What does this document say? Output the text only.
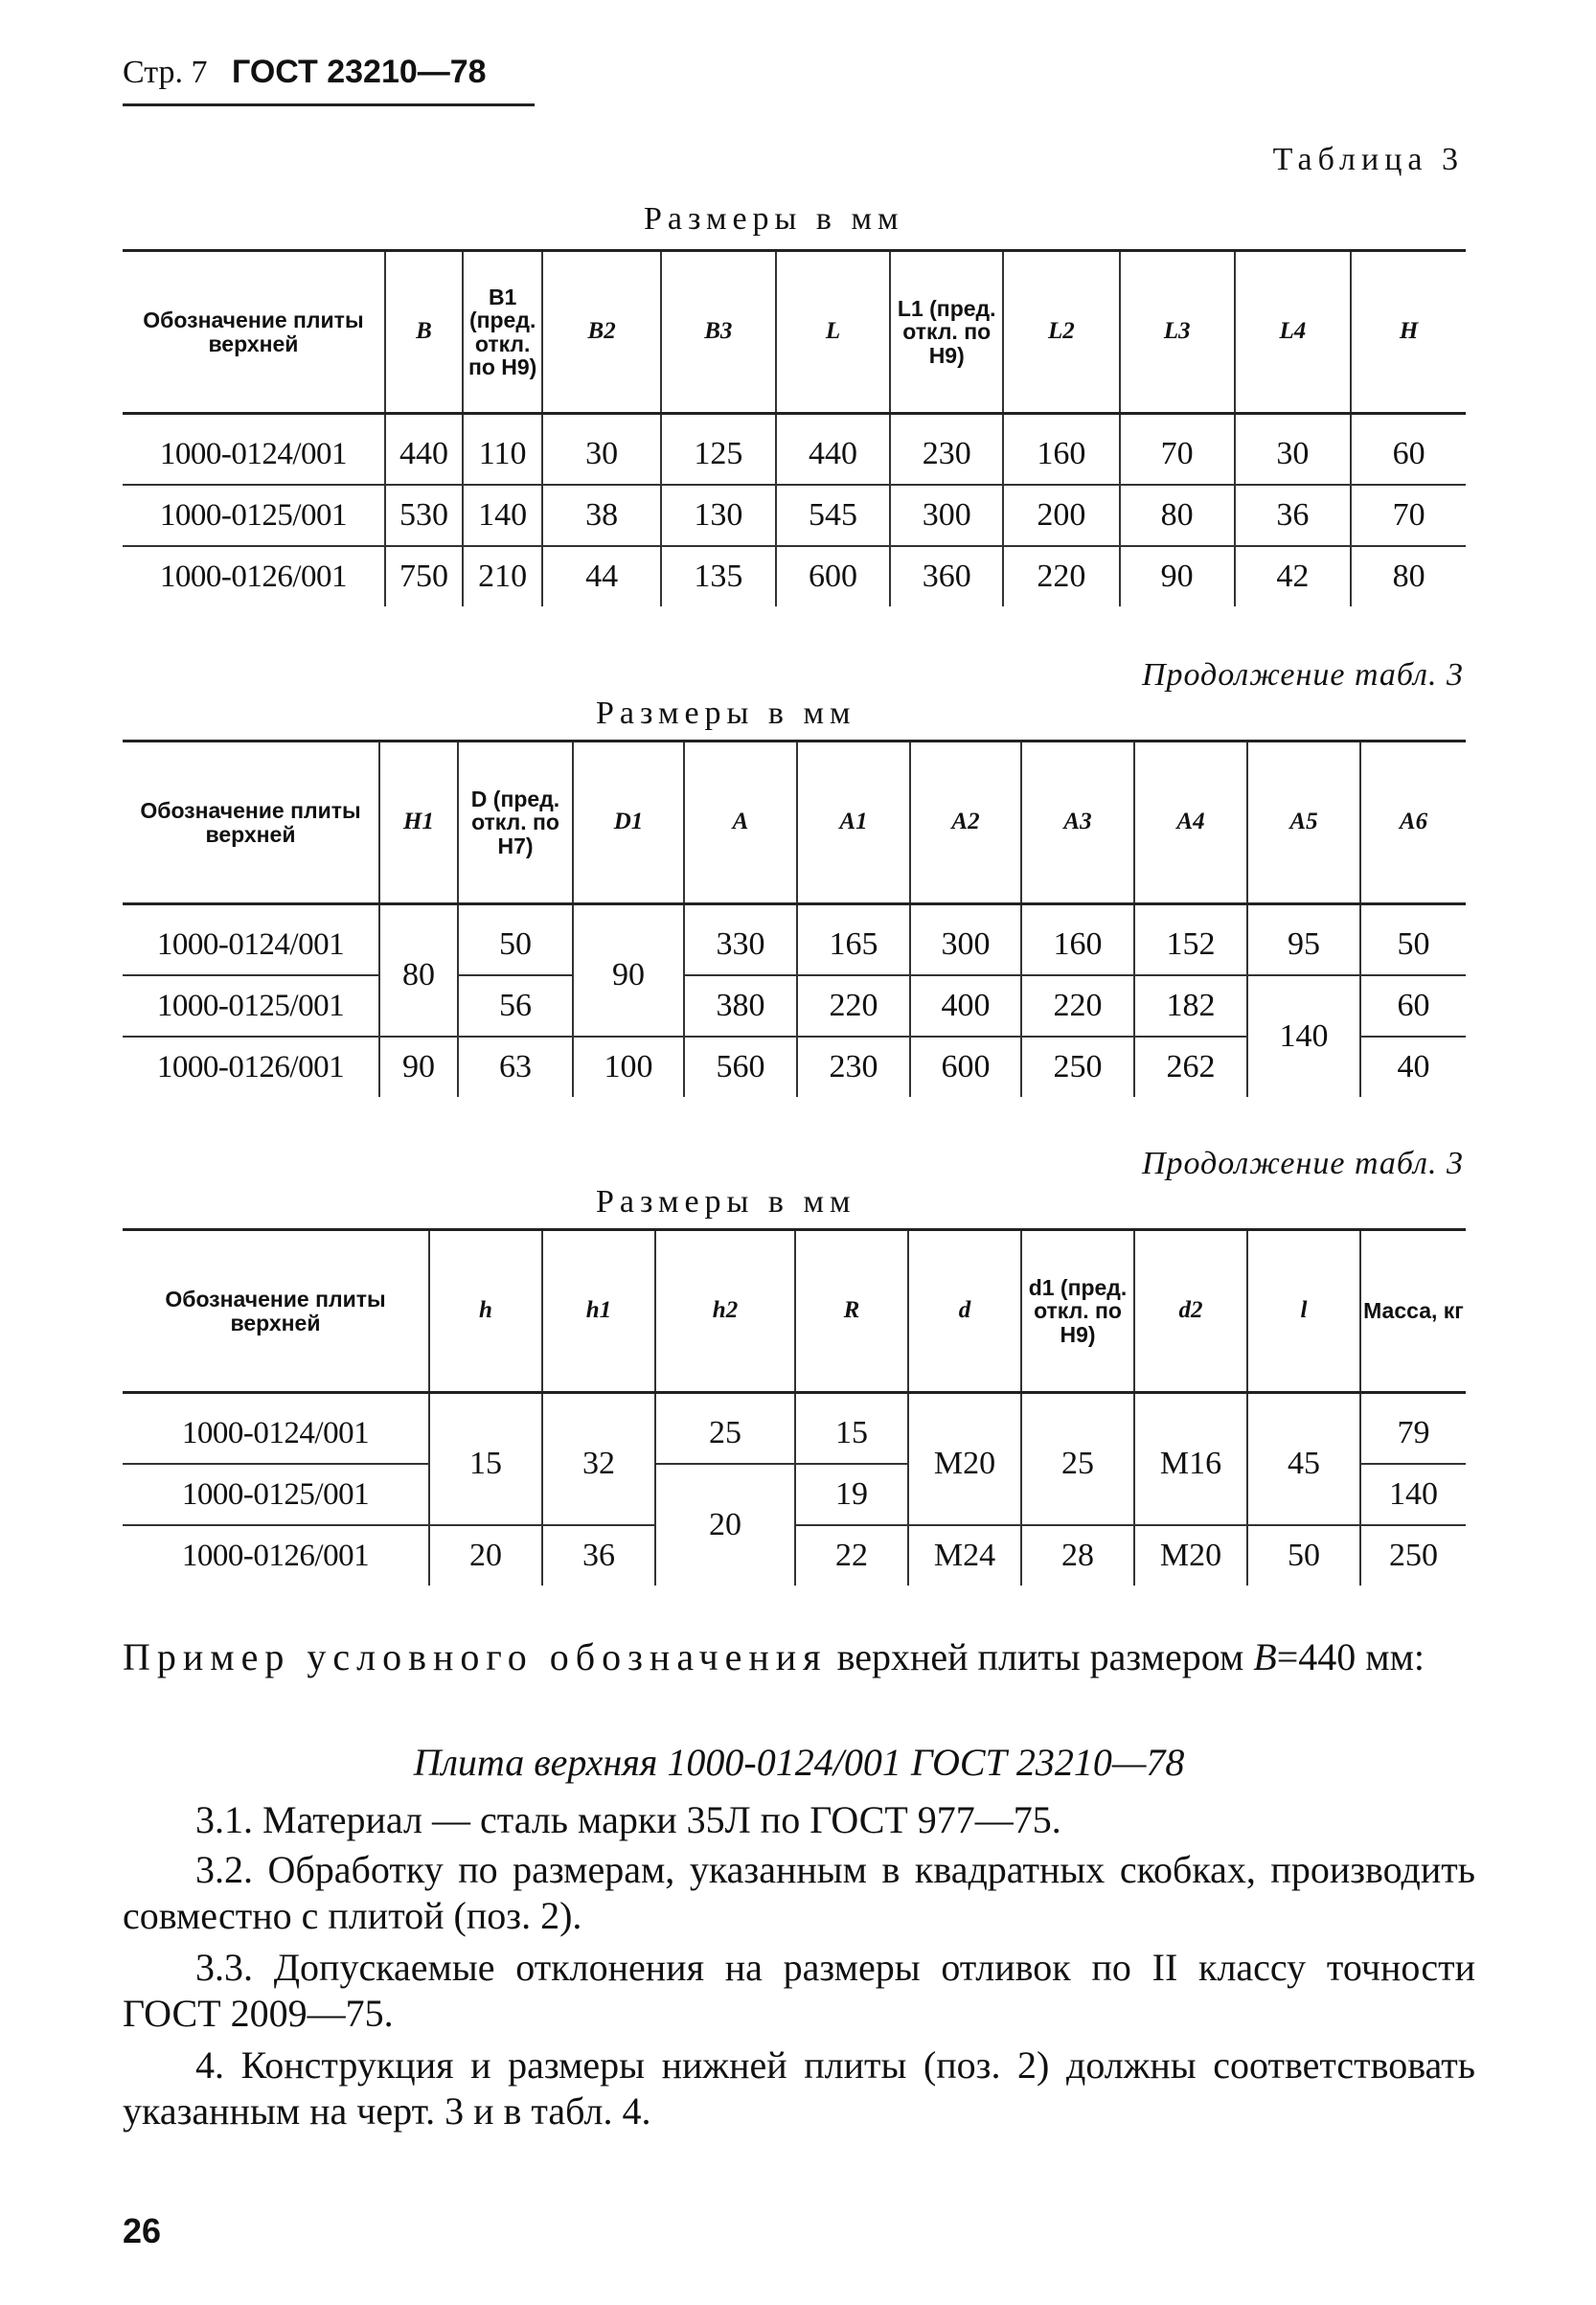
Стр. 7 ГОСТ 23210—78
Таблица 3
Размеры в мм
Обозначение плиты верхней	B	B1 (пред. откл. по H9)	B2	B3	L	L1 (пред. откл. по H9)	L2	L3	L4	H

1000-0124/001	440	110	30	125	440	230	160	70	30	60
1000-0125/001	530	140	38	130	545	300	200	80	36	70
1000-0126/001	750	210	44	135	600	360	220	90	42	80
Продолжение табл. 3
Размеры в мм
Обозначение плиты верхней	H1	D (пред. откл. по H7)	D1	A	A1	A2	A3	A4	A5	A6

1000-0124/001	80	50	90	330	165	300	160	152	95	50
1000-0125/001		56		380	220	400	220	182	140	60
1000-0126/001	90	63	100	560	230	600	250	262		40
Продолжение табл. 3
Размеры в мм
Обозначение плиты верхней	h	h1	h2	R	d	d1 (пред. откл. по H9)	d2	l	Масса, кг

1000-0124/001	15	32	25	15	M20	25	M16	45	79
1000-0125/001			20	19					140
1000-0126/001	20	36		22	M24	28	M20	50	250
Пример условного обозначения верхней плиты размером B=440 мм:
Плита верхняя 1000-0124/001 ГОСТ 23210—78
3.1. Материал — сталь марки 35Л по ГОСТ 977—75.
3.2. Обработку по размерам, указанным в квадратных скобках, производить совместно с плитой (поз. 2).
3.3. Допускаемые отклонения на размеры отливок по II классу точности ГОСТ 2009—75.
4. Конструкция и размеры нижней плиты (поз. 2) должны соответствовать указанным на черт. 3 и в табл. 4.
26
